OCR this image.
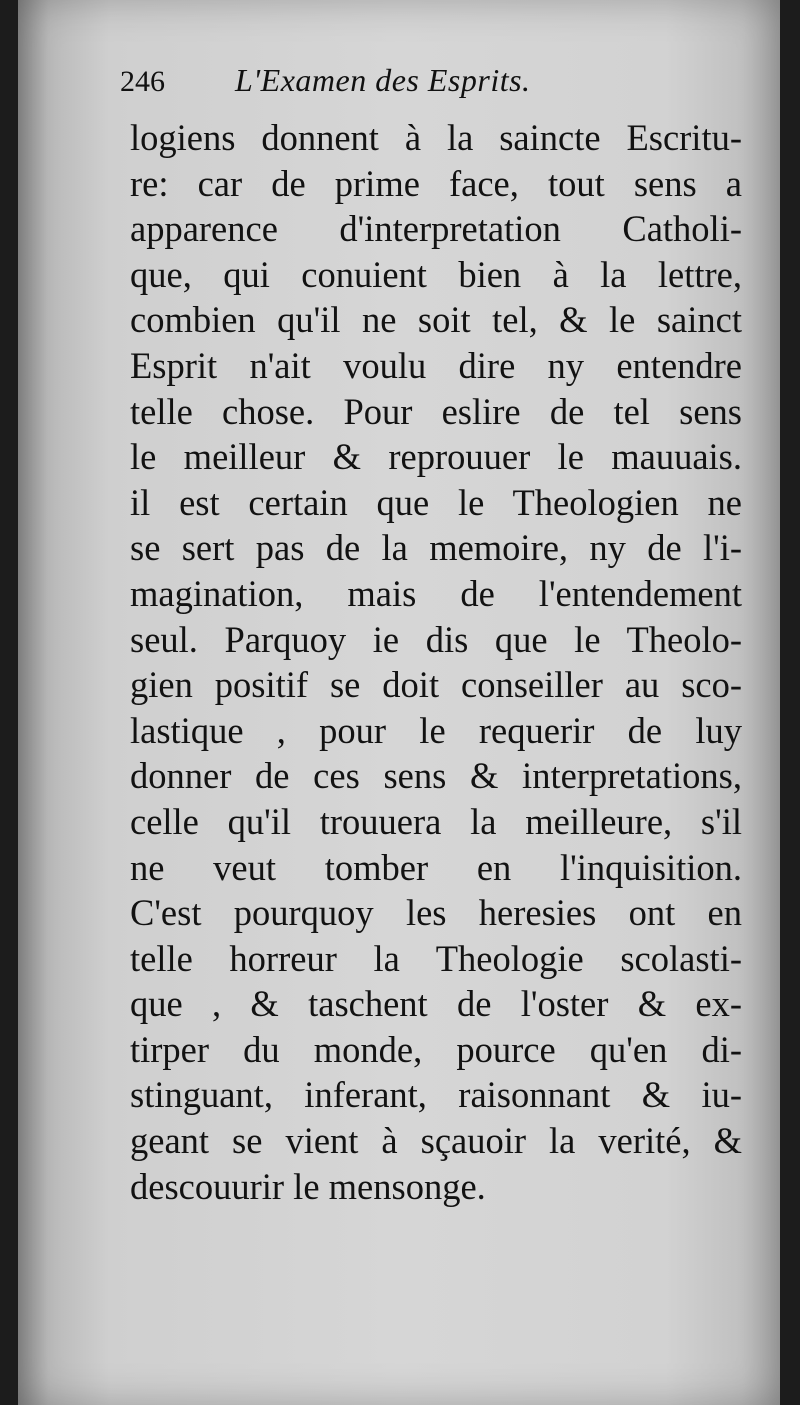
246 L'Examen des Esprits.
logiens donnent à la saincte Escritu-
re: car de prime face, tout sens a
apparence d'interpretation Catholi-
que, qui conuient bien à la lettre,
combien qu'il ne soit tel, & le sainct
Esprit n'ait voulu dire ny entendre
telle chose. Pour eslire de tel sens
le meilleur & reprouuer le mauuais.
il est certain que le Theologien ne
se sert pas de la memoire, ny de l'i-
magination, mais de l'entendement
seul. Parquoy ie dis que le Theolo-
gien positif se doit conseiller au sco-
lastique , pour le requerir de luy
donner de ces sens & interpretations,
celle qu'il trouuera la meilleure, s'il
ne veut tomber en l'inquisition.
C'est pourquoy les heresies ont en
telle horreur la Theologie scolasti-
que , & taschent de l'oster & ex-
tirper du monde, pource qu'en di-
stinguant, inferant, raisonnant & iu-
geant se vient à sçauoir la verité, &
descouurir le mensonge.
